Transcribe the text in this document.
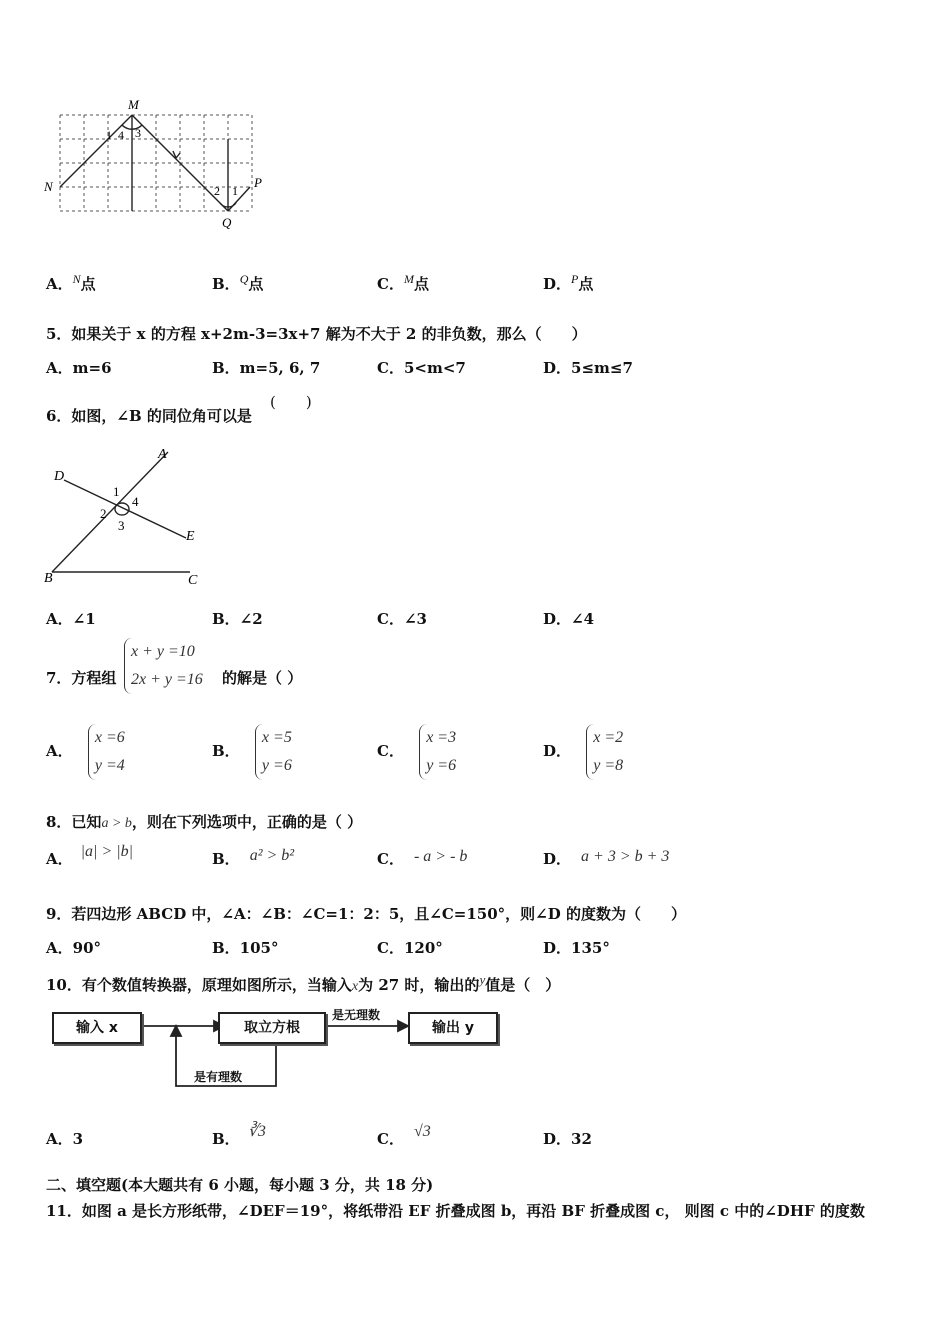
M
N	P
Q
1 4 3
2 1
A．$^N$点	B．$^Q$点	C．$^M$点	D．$^P$点
5．如果关于 x 的方程 x+2m-3=3x+7 解为不大于 2 的非负数，那么（　　）
A．m=6	B．m=5, 6, 7	C．5<m<7	D．5≤m≤7
6．如图，∠B 的同位角可以是
(　　)
D
A
E
B	C
1
2
3
4
A．∠1	B．∠2	C．∠3	D．∠4
7．方程组
x + y =10
2x + y =16 的解是（ ）
A． x =6
y =4
B． x =5
y =6
C． x =3
y =6
D． x =2
y =8
8．已知a > b，则在下列选项中，正确的是（ ）
A． |a| > |b|	B． a² > b²	C． - a > - b	D． a + 3 > b + 3
9．若四边形 ABCD 中，∠A：∠B：∠C=1：2：5，且∠C=150°，则∠D 的度数为（　　）
A．90°	B．105°	C．120°	D．135°
10．有个数值转换器，原理如图所示，当输入x为 27 时，输出的$^y$值是（　）
输入 x	取立方根	输出 y
是无理数
是有理数
A．3	B． ∛3	C． √3	D．32
二、填空题(本大题共有 6 小题，每小题 3 分，共 18 分)
11．如图 a 是长方形纸带，∠DEF＝19°，将纸带沿 EF 折叠成图 b，再沿 BF 折叠成图 c， 则图 c 中的∠DHF 的度数
